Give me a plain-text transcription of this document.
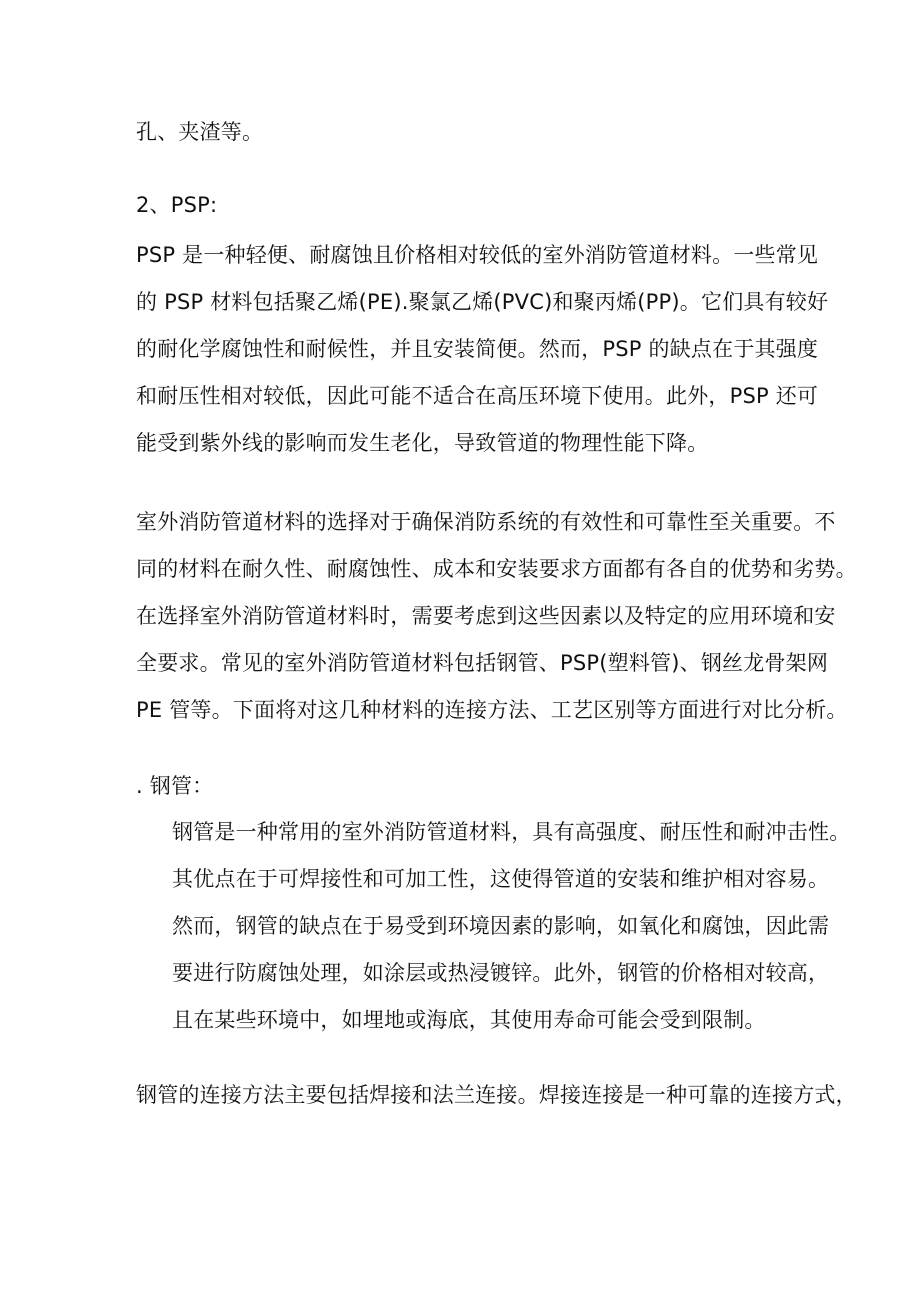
孔、夹渣等。
2、PSP:
PSP 是一种轻便、耐腐蚀且价格相对较低的室外消防管道材料。一些常见
的 PSP 材料包括聚乙烯(PE).聚氯乙烯(PVC)和聚丙烯(PP)。它们具有较好
的耐化学腐蚀性和耐候性，并且安装简便。然而，PSP 的缺点在于其强度
和耐压性相对较低，因此可能不适合在高压环境下使用。此外，PSP 还可
能受到紫外线的影响而发生老化，导致管道的物理性能下降。
室外消防管道材料的选择对于确保消防系统的有效性和可靠性至关重要。不
同的材料在耐久性、耐腐蚀性、成本和安装要求方面都有各自的优势和劣势。
在选择室外消防管道材料时，需要考虑到这些因素以及特定的应用环境和安
全要求。常见的室外消防管道材料包括钢管、PSP(塑料管)、钢丝龙骨架网
PE 管等。下面将对这几种材料的连接方法、工艺区别等方面进行对比分析。
. 钢管：
钢管是一种常用的室外消防管道材料，具有高强度、耐压性和耐冲击性。
其优点在于可焊接性和可加工性，这使得管道的安装和维护相对容易。
然而，钢管的缺点在于易受到环境因素的影响，如氧化和腐蚀，因此需
要进行防腐蚀处理，如涂层或热浸镀锌。此外，钢管的价格相对较高，
且在某些环境中，如埋地或海底，其使用寿命可能会受到限制。
钢管的连接方法主要包括焊接和法兰连接。焊接连接是一种可靠的连接方式，
